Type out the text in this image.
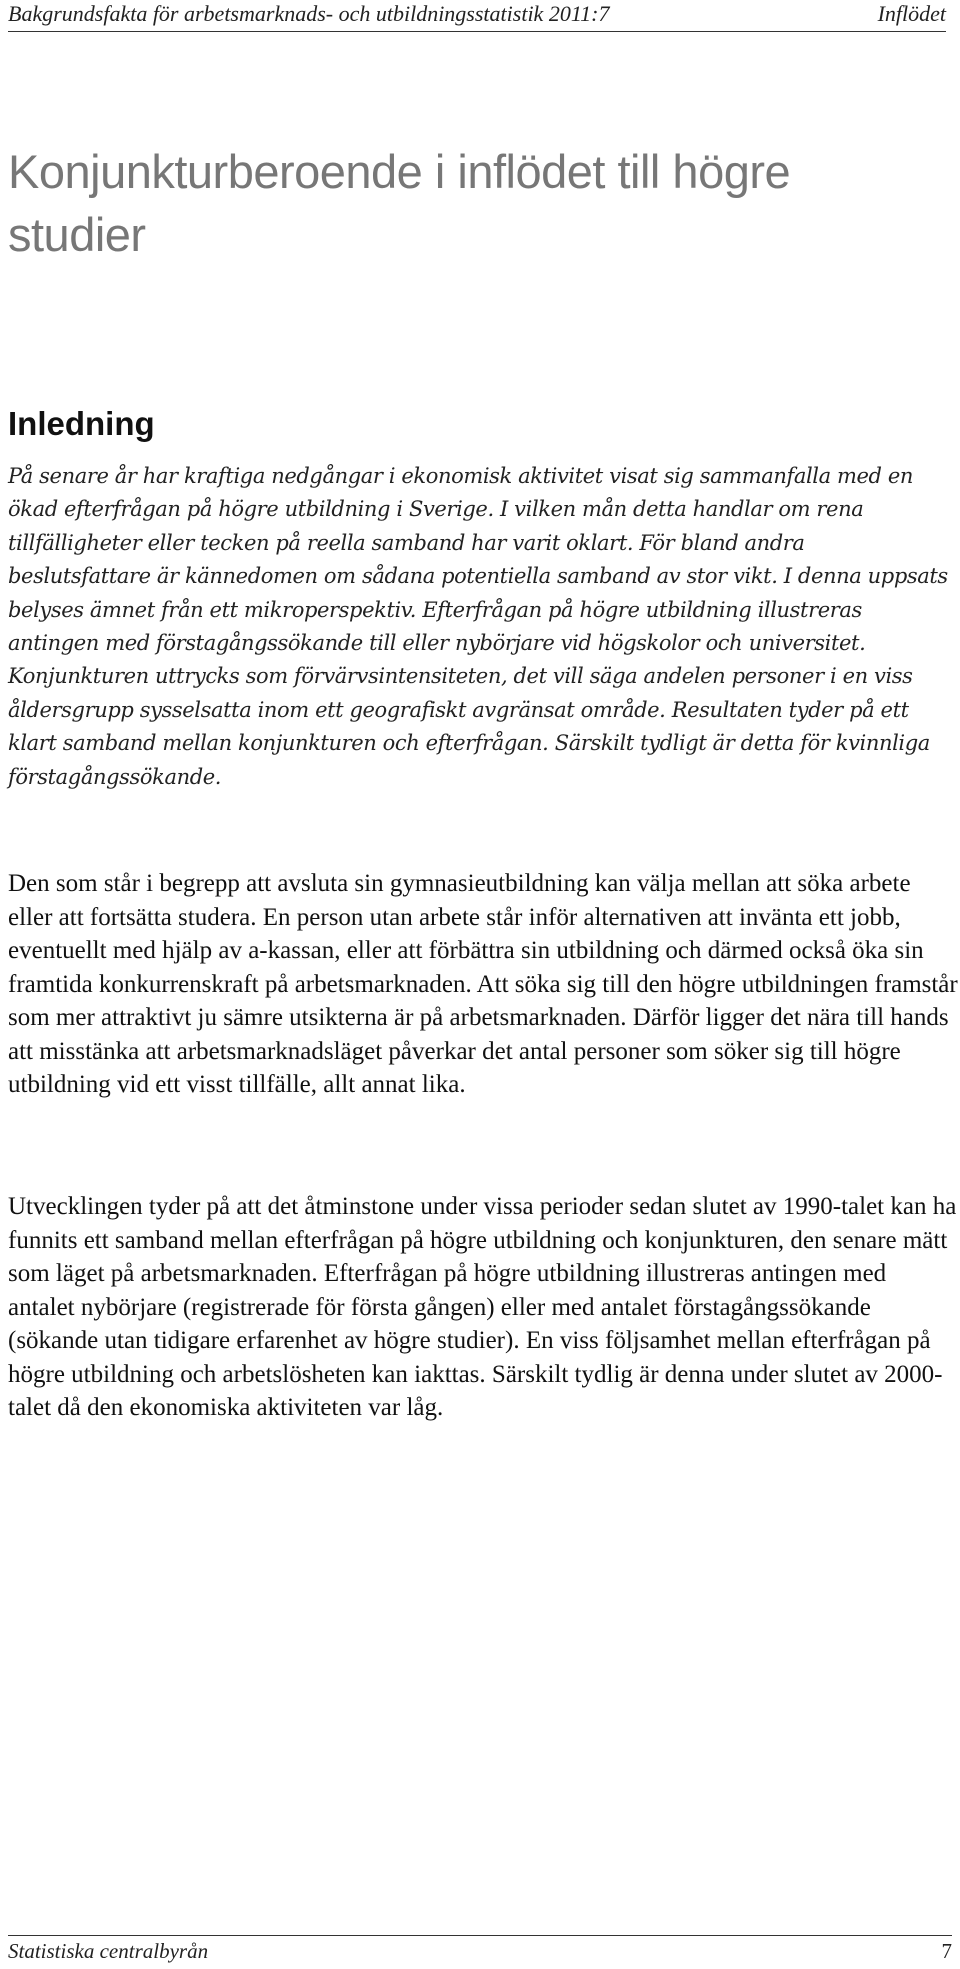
Bakgrundsfakta för arbetsmarknads- och utbildningsstatistik 2011:7	Inflödet
Konjunkturberoende i inflödet till högre studier
Inledning

På senare år har kraftiga nedgångar i ekonomisk aktivitet visat sig sammanfalla med en ökad efterfrågan på högre utbildning i Sverige. I vilken mån detta handlar om rena tillfälligheter eller tecken på reella samband har varit oklart. För bland andra beslutsfattare är kännedomen om sådana potentiella samband av stor vikt. I denna uppsats belyses ämnet från ett mikroperspektiv. Efterfrågan på högre utbildning illustreras antingen med förstagångssökande till eller nybörjare vid högskolor och universitet. Konjunkturen uttrycks som förvärvsintensiteten, det vill säga andelen personer i en viss åldersgrupp sysselsatta inom ett geografiskt avgränsat område. Resultaten tyder på ett klart samband mellan konjunkturen och efterfrågan. Särskilt tydligt är detta för kvinnliga förstagångssökande.

Den som står i begrepp att avsluta sin gymnasieutbildning kan välja mellan att söka arbete eller att fortsätta studera. En person utan arbete står inför alternativen att invänta ett jobb, eventuellt med hjälp av a-kassan, eller att förbättra sin utbildning och därmed också öka sin framtida konkurrenskraft på arbetsmarknaden. Att söka sig till den högre utbildningen framstår som mer attraktivt ju sämre utsikterna är på arbetsmarknaden. Därför ligger det nära till hands att misstänka att arbetsmarknadsläget påverkar det antal personer som söker sig till högre utbildning vid ett visst tillfälle, allt annat lika.

Utvecklingen tyder på att det åtminstone under vissa perioder sedan slutet av 1990-talet kan ha funnits ett samband mellan efterfrågan på högre utbildning och konjunkturen, den senare mätt som läget på arbetsmarknaden. Efterfrågan på högre utbildning illustreras antingen med antalet nybörjare (registrerade för första gången) eller med antalet förstagångssökande (sökande utan tidigare erfarenhet av högre studier). En viss följsamhet mellan efterfrågan på högre utbildning och arbetslösheten kan iakttas. Särskilt tydlig är denna under slutet av 2000-talet då den ekonomiska aktiviteten var låg.

Statistiska centralbyrån	7
